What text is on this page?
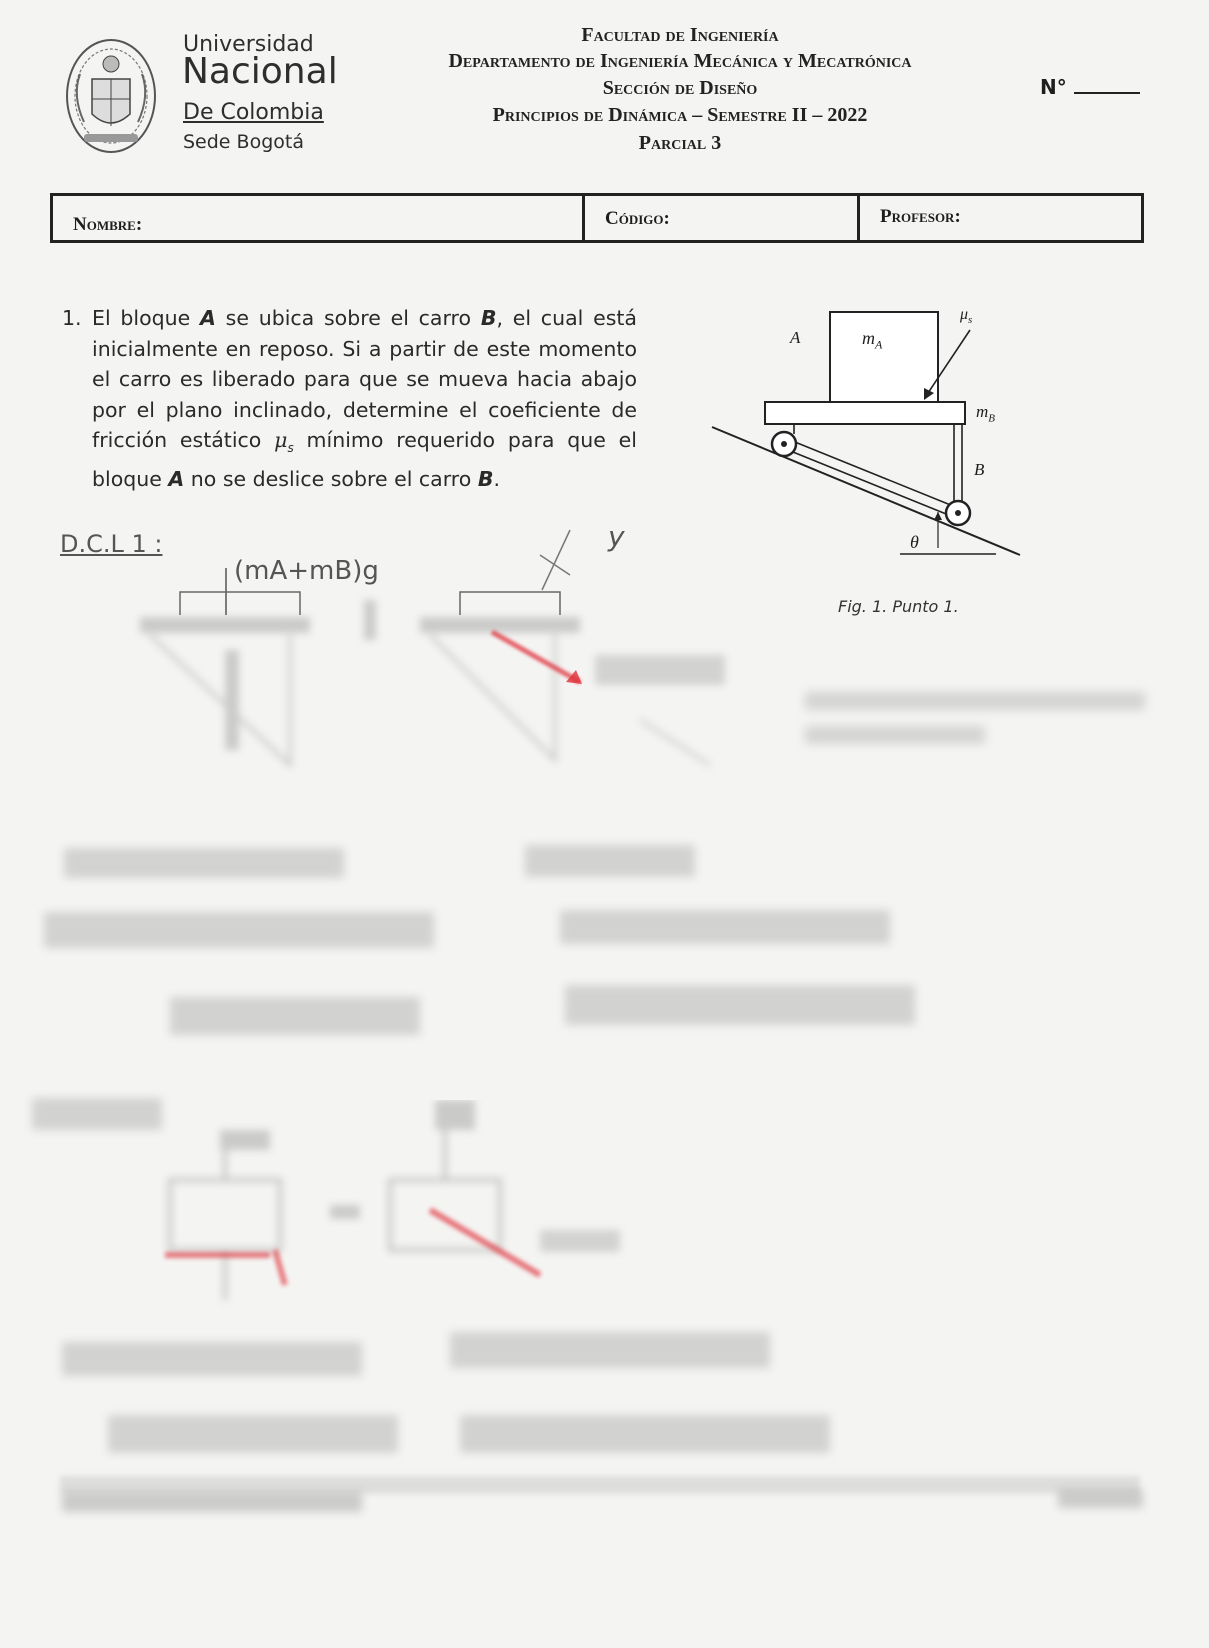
Universidad
Nacional
De Colombia
Sede Bogotá
Facultad de Ingeniería
Departamento de Ingeniería Mecánica y Mecatrónica
Sección de Diseño
Principios de Dinámica – Semestre II – 2022
Parcial 3
N°
Nombre:	Código:	Profesor:
1. El bloque A se ubica sobre el carro B, el cual está inicialmente en reposo. Si a partir de este momento el carro es liberado para que se mueva hacia abajo por el plano inclinado, determine el coeficiente de fricción estático $\mu_s$ mínimo requerido para que el bloque A no se deslice sobre el carro B.
A	$m_A$
$\mu_s$
$m_B$
B
θ
Fig. 1. Punto 1.
D.C.L 1 :
(mA+mB)g
y
